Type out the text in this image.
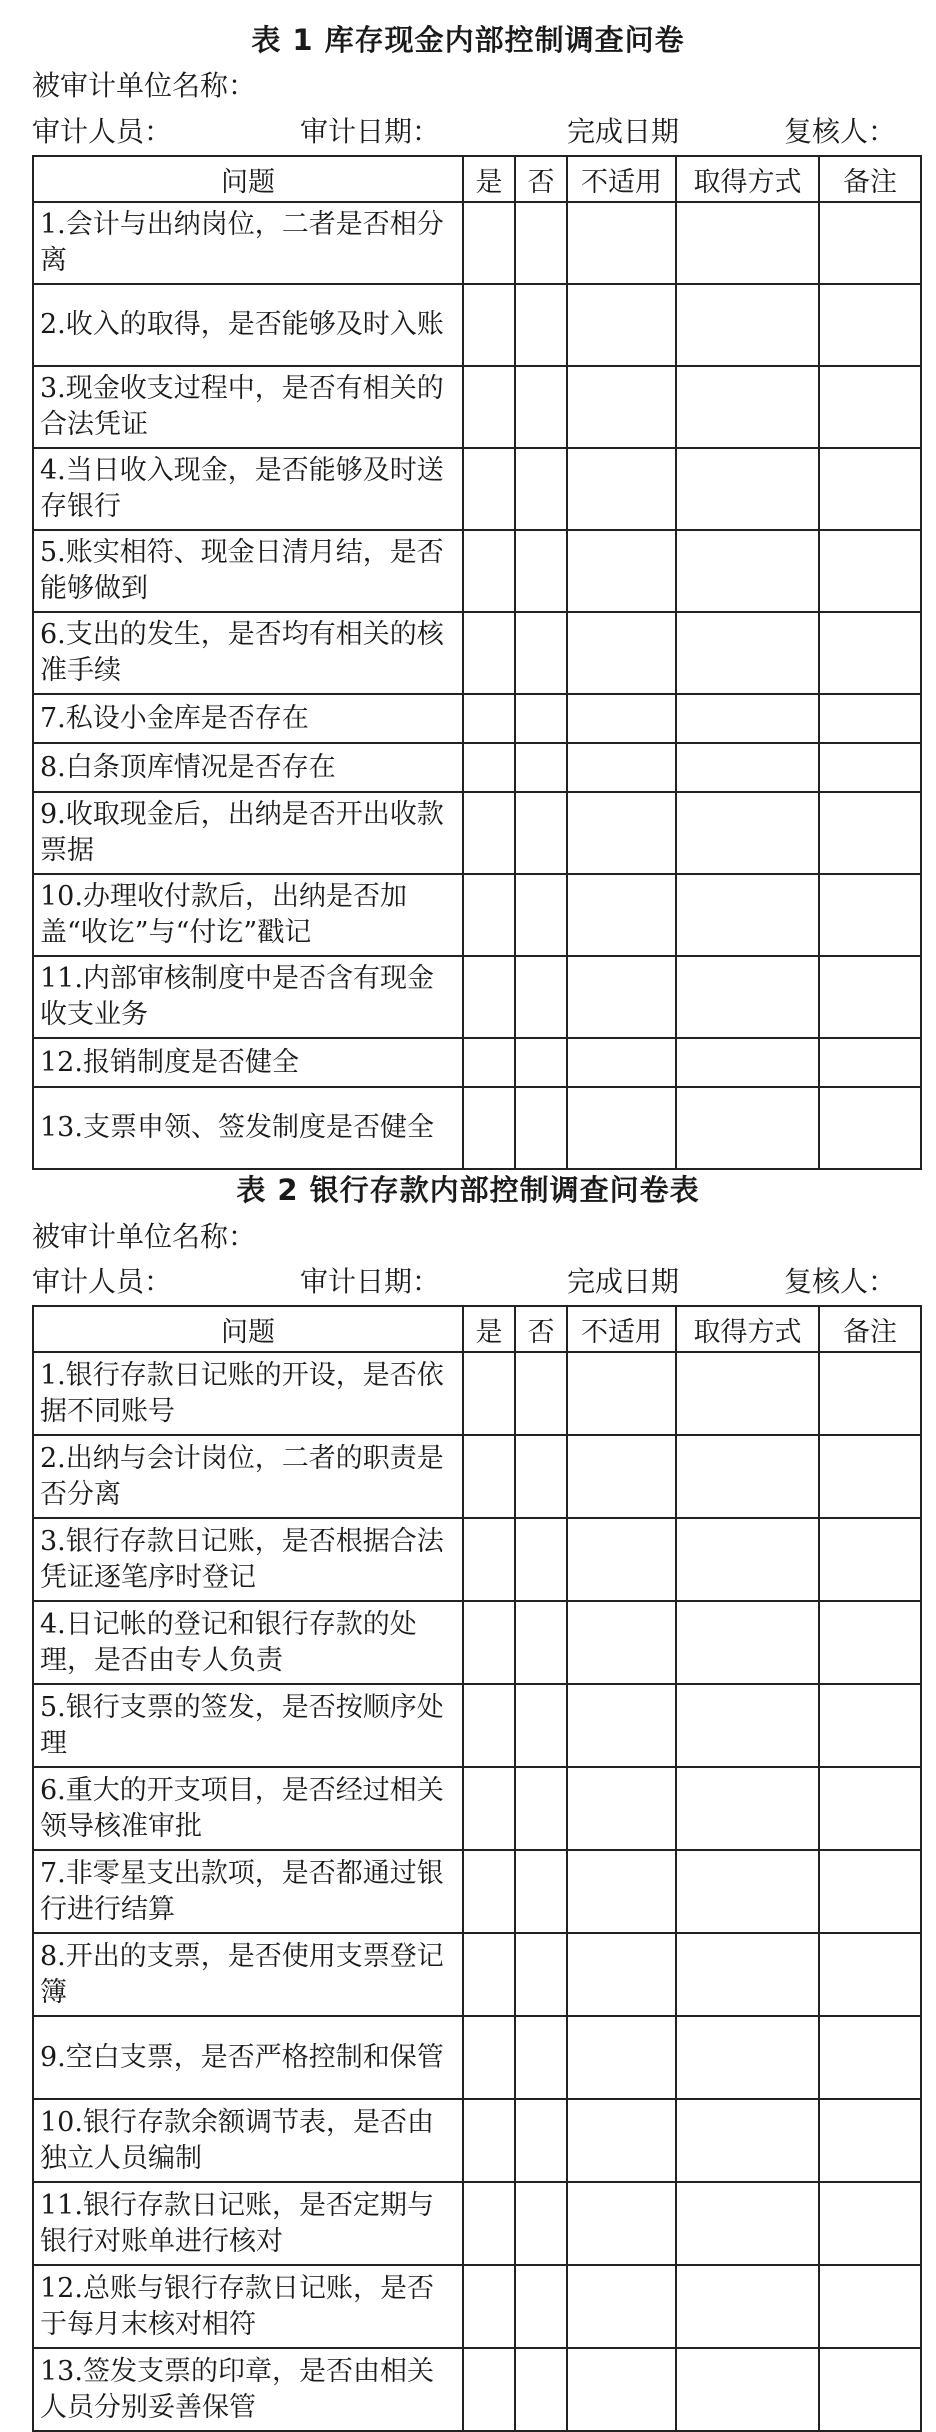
表 1 库存现金内部控制调查问卷
被审计单位名称：
审计人员：	审计日期：	完成日期	复核人：
问题	是	否	不适用	取得方式	备注
1.会计与出纳岗位，二者是否相分离					
2.收入的取得，是否能够及时入账					
3.现金收支过程中，是否有相关的合法凭证					
4.当日收入现金，是否能够及时送存银行					
5.账实相符、现金日清月结，是否能够做到					
6.支出的发生，是否均有相关的核准手续					
7.私设小金库是否存在					
8.白条顶库情况是否存在					
9.收取现金后，出纳是否开出收款票据					
10.办理收付款后，出纳是否加盖“收讫”与“付讫”戳记					
11.内部审核制度中是否含有现金收支业务					
12.报销制度是否健全					
13.支票申领、签发制度是否健全					
表 2 银行存款内部控制调查问卷表
被审计单位名称：
审计人员：	审计日期：	完成日期	复核人：
问题	是	否	不适用	取得方式	备注
1.银行存款日记账的开设，是否依据不同账号					
2.出纳与会计岗位，二者的职责是否分离					
3.银行存款日记账，是否根据合法凭证逐笔序时登记					
4.日记帐的登记和银行存款的处理，是否由专人负责					
5.银行支票的签发，是否按顺序处理					
6.重大的开支项目，是否经过相关领导核准审批					
7.非零星支出款项，是否都通过银行进行结算					
8.开出的支票，是否使用支票登记簿					
9.空白支票，是否严格控制和保管					
10.银行存款余额调节表，是否由独立人员编制					
11.银行存款日记账，是否定期与银行对账单进行核对					
12.总账与银行存款日记账，是否于每月末核对相符					
13.签发支票的印章，是否由相关人员分别妥善保管					
